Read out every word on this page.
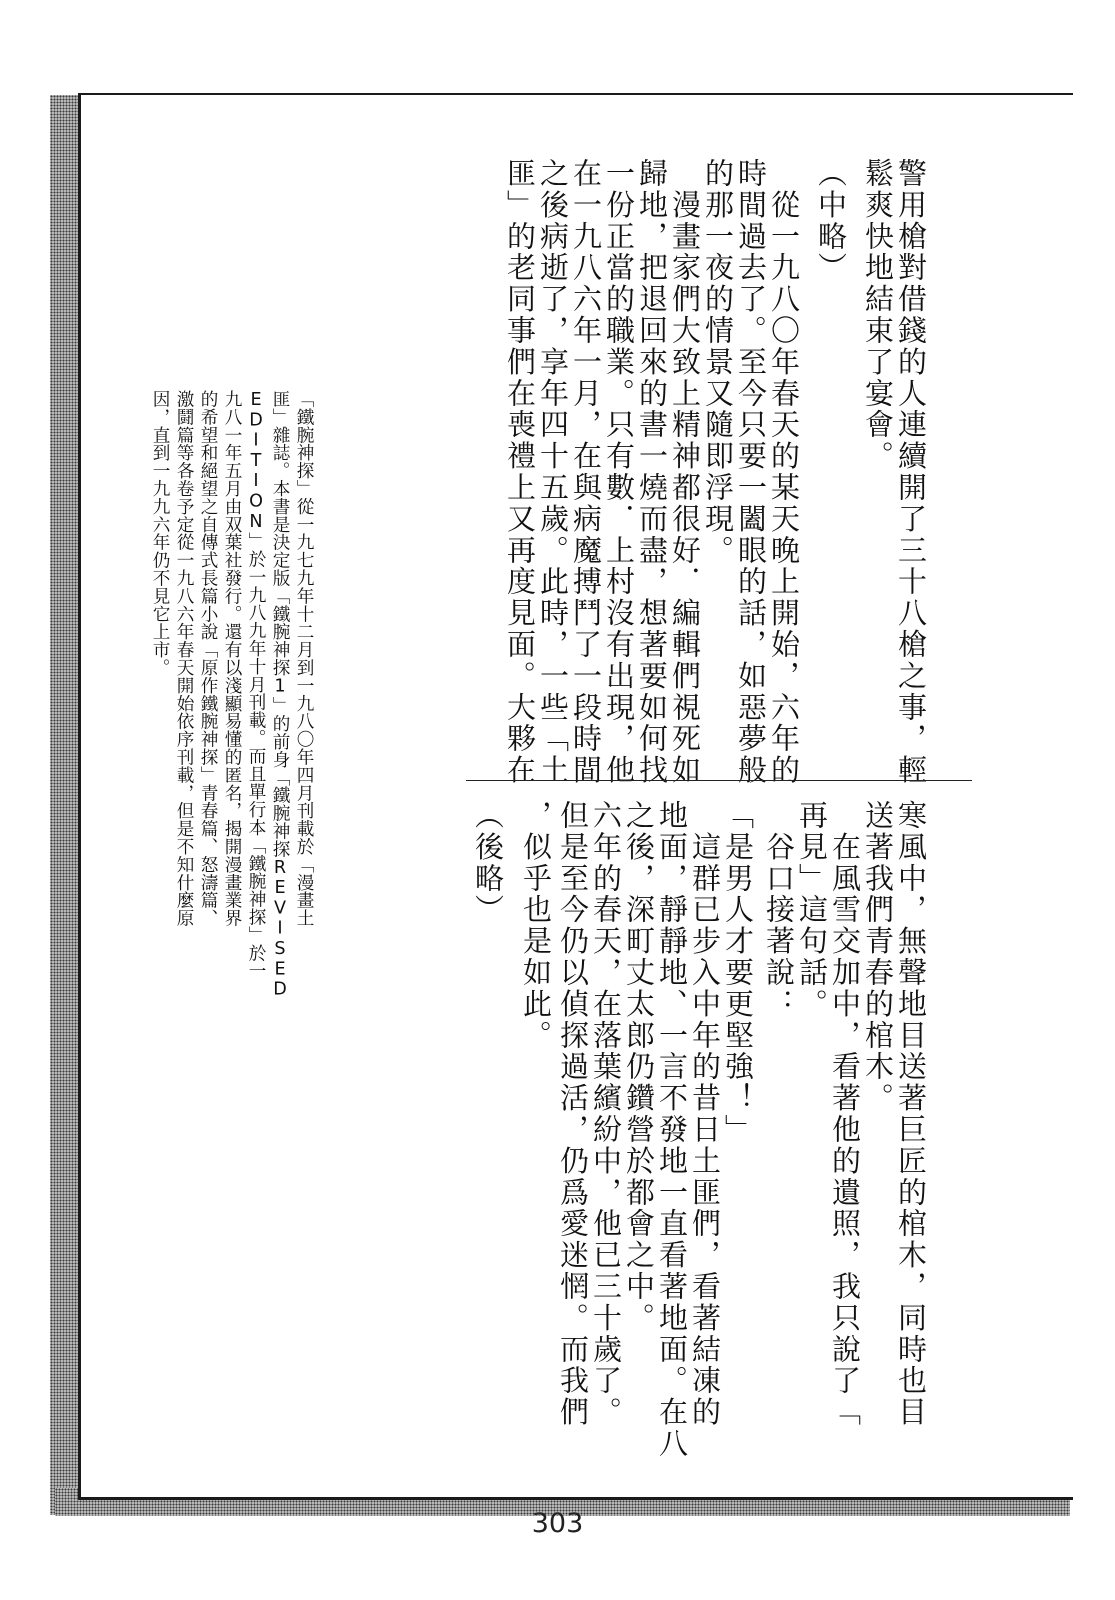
警用槍對借錢的人連續開了三十八槍之事，輕
鬆爽快地結束了宴會。
（中略）
　從一九八〇年春天的某天晚上開始，六年的
時間過去了。至今只要一闔眼的話，如惡夢般
的那一夜的情景又隨即浮現。
　漫畫家們大致上精神都很好．編輯們視死如
歸地，把退回來的書一燒而盡，想著要如何找
一份正當的職業。只有數．上村沒有出現，他
在一九八六年一月，在與病魔搏鬥了一段時間
之後病逝了，享年四十五歲。此時，一些「土
匪」的老同事們在喪禮上又再度見面。大夥在
寒風中，無聲地目送著巨匠的棺木，同時也目
送著我們青春的棺木。
　在風雪交加中，看著他的遺照，我只說了「
再見」這句話。
　谷口接著說：
「是男人才要更堅強！」
　這群已步入中年的昔日土匪們，看著結凍的
地面，靜靜地、一言不發地一直看著地面。在八
之後，深町丈太郎仍鑽營於都會之中。
六年的春天，在落葉繽紛中，他已三十歲了。
但是至今仍以偵探過活，仍爲愛迷惘。而我們
，似乎也是如此。
（後略）
「鐵腕神探」從一九七九年十二月到一九八〇年四月刊載於「漫畫土
匪」雜誌。本書是決定版「鐵腕神探1」的前身「鐵腕神探REVISED
EDITION」於一九八九年十月刊載。而且單行本「鐵腕神探」於一
九八一年五月由双葉社發行。還有以淺顯易懂的匿名，揭開漫畫業界
的希望和絕望之自傳式長篇小說「原作鐵腕神探」青春篇、怒濤篇、
激鬪篇等各卷予定從一九八六年春天開始依序刊載，但是不知什麼原
因，直到一九九六年仍不見它上市。
303
